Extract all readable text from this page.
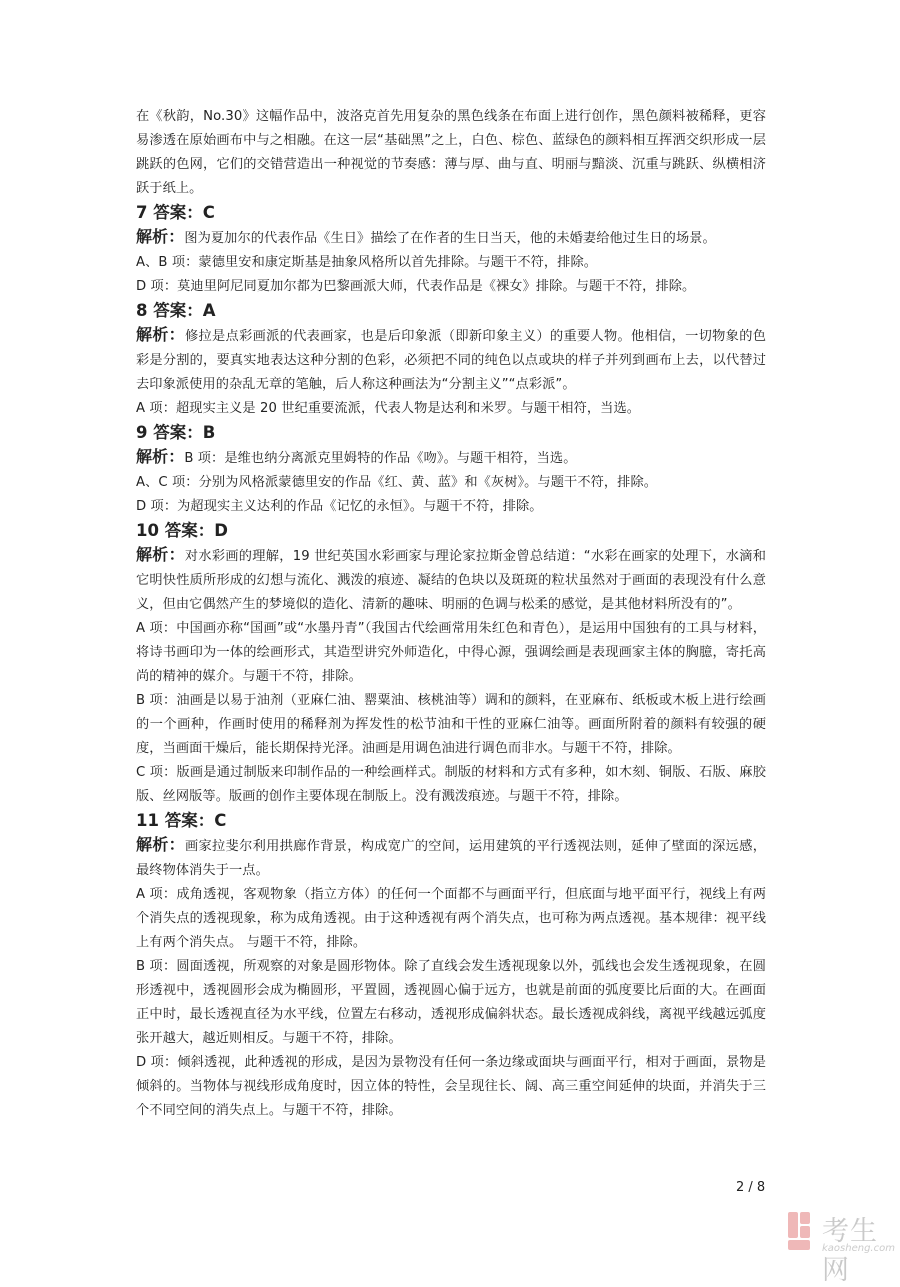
在《秋韵，No.30》这幅作品中，波洛克首先用复杂的黑色线条在布面上进行创作，黑色颜料被稀释，更容易渗透在原始画布中与之相融。在这一层“基础黑”之上，白色、棕色、蓝绿色的颜料相互挥洒交织形成一层跳跃的色网，它们的交错营造出一种视觉的节奏感：薄与厚、曲与直、明丽与黯淡、沉重与跳跃、纵横相济跃于纸上。

7 答案：C

解析：图为夏加尔的代表作品《生日》描绘了在作者的生日当天，他的未婚妻给他过生日的场景。

A、B 项：蒙德里安和康定斯基是抽象风格所以首先排除。与题干不符，排除。

D 项：莫迪里阿尼同夏加尔都为巴黎画派大师，代表作品是《裸女》排除。与题干不符，排除。

8 答案：A

解析：修拉是点彩画派的代表画家，也是后印象派（即新印象主义）的重要人物。他相信，一切物象的色彩是分割的，要真实地表达这种分割的色彩，必须把不同的纯色以点或块的样子并列到画布上去，以代替过去印象派使用的杂乱无章的笔触，后人称这种画法为“分割主义”“点彩派”。

A 项：超现实主义是 20 世纪重要流派，代表人物是达利和米罗。与题干相符，当选。

9 答案：B

解析：B 项：是维也纳分离派克里姆特的作品《吻》。与题干相符，当选。

A、C 项：分别为风格派蒙德里安的作品《红、黄、蓝》和《灰树》。与题干不符，排除。

D 项：为超现实主义达利的作品《记忆的永恒》。与题干不符，排除。

10 答案：D

解析：对水彩画的理解，19 世纪英国水彩画家与理论家拉斯金曾总结道：“水彩在画家的处理下，水滴和它明快性质所形成的幻想与流化、溅泼的痕迹、凝结的色块以及斑斑的粒状虽然对于画面的表现没有什么意义，但由它偶然产生的梦境似的造化、清新的趣味、明丽的色调与松柔的感觉，是其他材料所没有的”。

A 项：中国画亦称“国画”或“水墨丹青”（我国古代绘画常用朱红色和青色），是运用中国独有的工具与材料，将诗书画印为一体的绘画形式，其造型讲究外师造化，中得心源，强调绘画是表现画家主体的胸臆，寄托高尚的精神的媒介。与题干不符，排除。

B 项：油画是以易于油剂（亚麻仁油、罂粟油、核桃油等）调和的颜料，在亚麻布、纸板或木板上进行绘画的一个画种，作画时使用的稀释剂为挥发性的松节油和干性的亚麻仁油等。画面所附着的颜料有较强的硬度，当画面干燥后，能长期保持光泽。油画是用调色油进行调色而非水。与题干不符，排除。

C 项：版画是通过制版来印制作品的一种绘画样式。制版的材料和方式有多种，如木刻、铜版、石版、麻胶版、丝网版等。版画的创作主要体现在制版上。没有溅泼痕迹。与题干不符，排除。

11 答案：C

解析：画家拉斐尔利用拱廊作背景，构成宽广的空间，运用建筑的平行透视法则，延伸了壁面的深远感，最终物体消失于一点。

A 项：成角透视，客观物象（指立方体）的任何一个面都不与画面平行，但底面与地平面平行，视线上有两个消失点的透视现象，称为成角透视。由于这种透视有两个消失点，也可称为两点透视。基本规律：视平线上有两个消失点。 与题干不符，排除。

B 项：圆面透视，所观察的对象是圆形物体。除了直线会发生透视现象以外，弧线也会发生透视现象，在圆形透视中，透视圆形会成为椭圆形，平置圆，透视圆心偏于远方，也就是前面的弧度要比后面的大。在画面正中时，最长透视直径为水平线，位置左右移动，透视形成偏斜状态。最长透视成斜线，离视平线越远弧度张开越大，越近则相反。与题干不符，排除。

D 项：倾斜透视，此种透视的形成，是因为景物没有任何一条边缘或面块与画面平行，相对于画面，景物是倾斜的。当物体与视线形成角度时，因立体的特性，会呈现往长、阔、高三重空间延伸的块面，并消失于三个不同空间的消失点上。与题干不符，排除。

2 / 8
考生网
kaosheng.com
